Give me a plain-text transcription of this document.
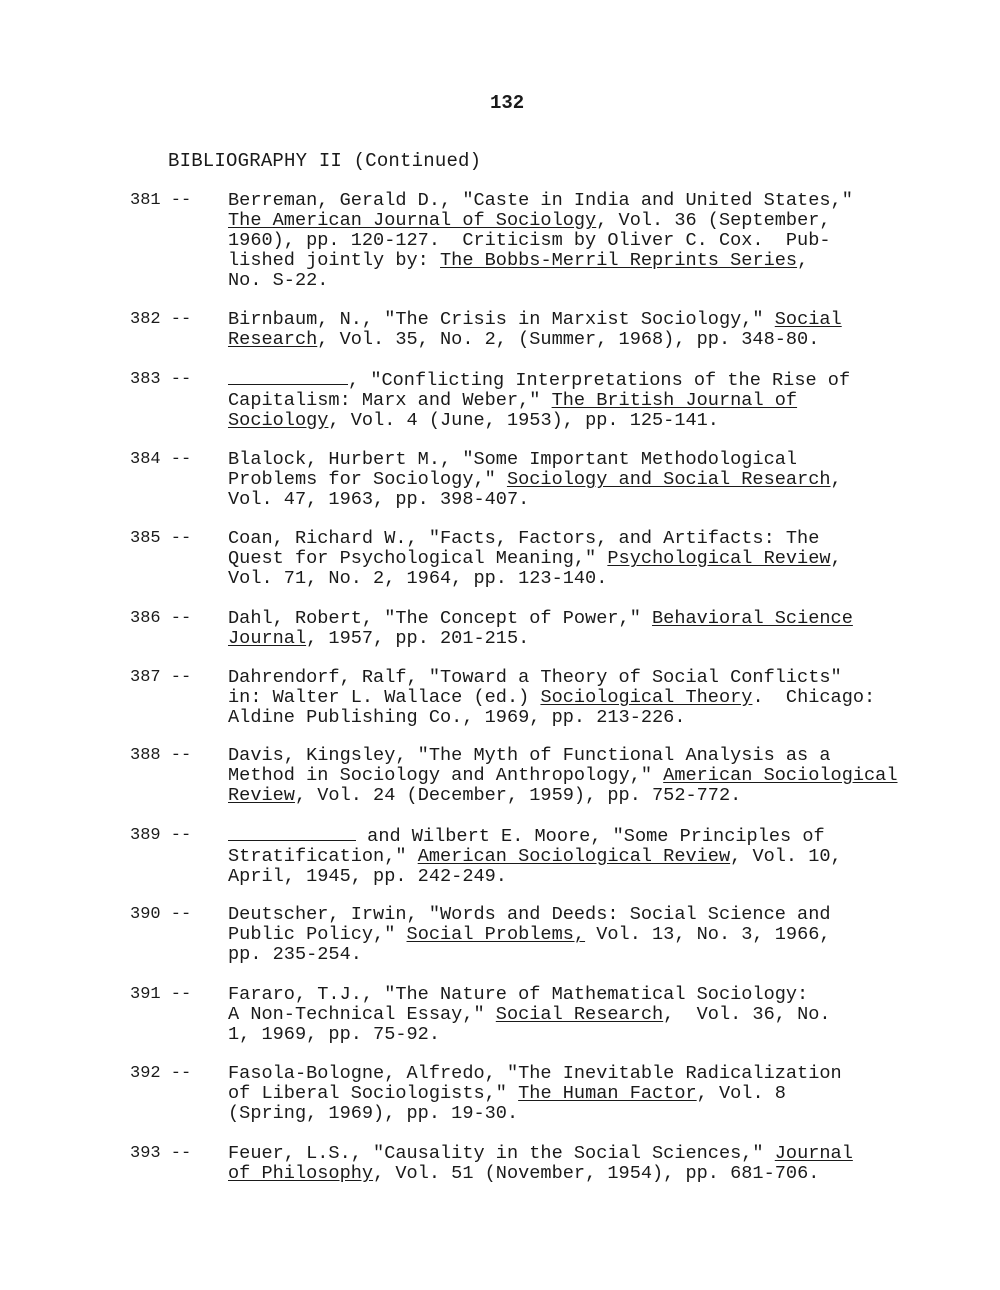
132
BIBLIOGRAPHY II (Continued)
381 -- Berreman, Gerald D., "Caste in India and United States,"
The American Journal of Sociology, Vol. 36 (September,
1960), pp. 120-127.  Criticism by Oliver C. Cox.  Pub-
lished jointly by: The Bobbs-Merril Reprints Series,
No. S-22.
382 -- Birnbaum, N., "The Crisis in Marxist Sociology," Social
Research, Vol. 35, No. 2, (Summer, 1968), pp. 348-80.
383 --	, "Conflicting Interpretations of the Rise of
Capitalism: Marx and Weber," The British Journal of
Sociology, Vol. 4 (June, 1953), pp. 125-141.
384 -- Blalock, Hurbert M., "Some Important Methodological
Problems for Sociology," Sociology and Social Research,
Vol. 47, 1963, pp. 398-407.
385 -- Coan, Richard W., "Facts, Factors, and Artifacts: The
Quest for Psychological Meaning," Psychological Review,
Vol. 71, No. 2, 1964, pp. 123-140.
386 -- Dahl, Robert, "The Concept of Power," Behavioral Science
Journal, 1957, pp. 201-215.
387 -- Dahrendorf, Ralf, "Toward a Theory of Social Conflicts"
in: Walter L. Wallace (ed.) Sociological Theory.  Chicago:
Aldine Publishing Co., 1969, pp. 213-226.
388 -- Davis, Kingsley, "The Myth of Functional Analysis as a
Method in Sociology and Anthropology," American Sociological
Review, Vol. 24 (December, 1959), pp. 752-772.
389 --	and Wilbert E. Moore, "Some Principles of
Stratification," American Sociological Review, Vol. 10,
April, 1945, pp. 242-249.
390 -- Deutscher, Irwin, "Words and Deeds: Social Science and
Public Policy," Social Problems, Vol. 13, No. 3, 1966,
pp. 235-254.
391 -- Fararo, T.J., "The Nature of Mathematical Sociology:
A Non-Technical Essay," Social Research,  Vol. 36, No.
1, 1969, pp. 75-92.
392 -- Fasola-Bologne, Alfredo, "The Inevitable Radicalization
of Liberal Sociologists," The Human Factor, Vol. 8
(Spring, 1969), pp. 19-30.
393 -- Feuer, L.S., "Causality in the Social Sciences," Journal
of Philosophy, Vol. 51 (November, 1954), pp. 681-706.
